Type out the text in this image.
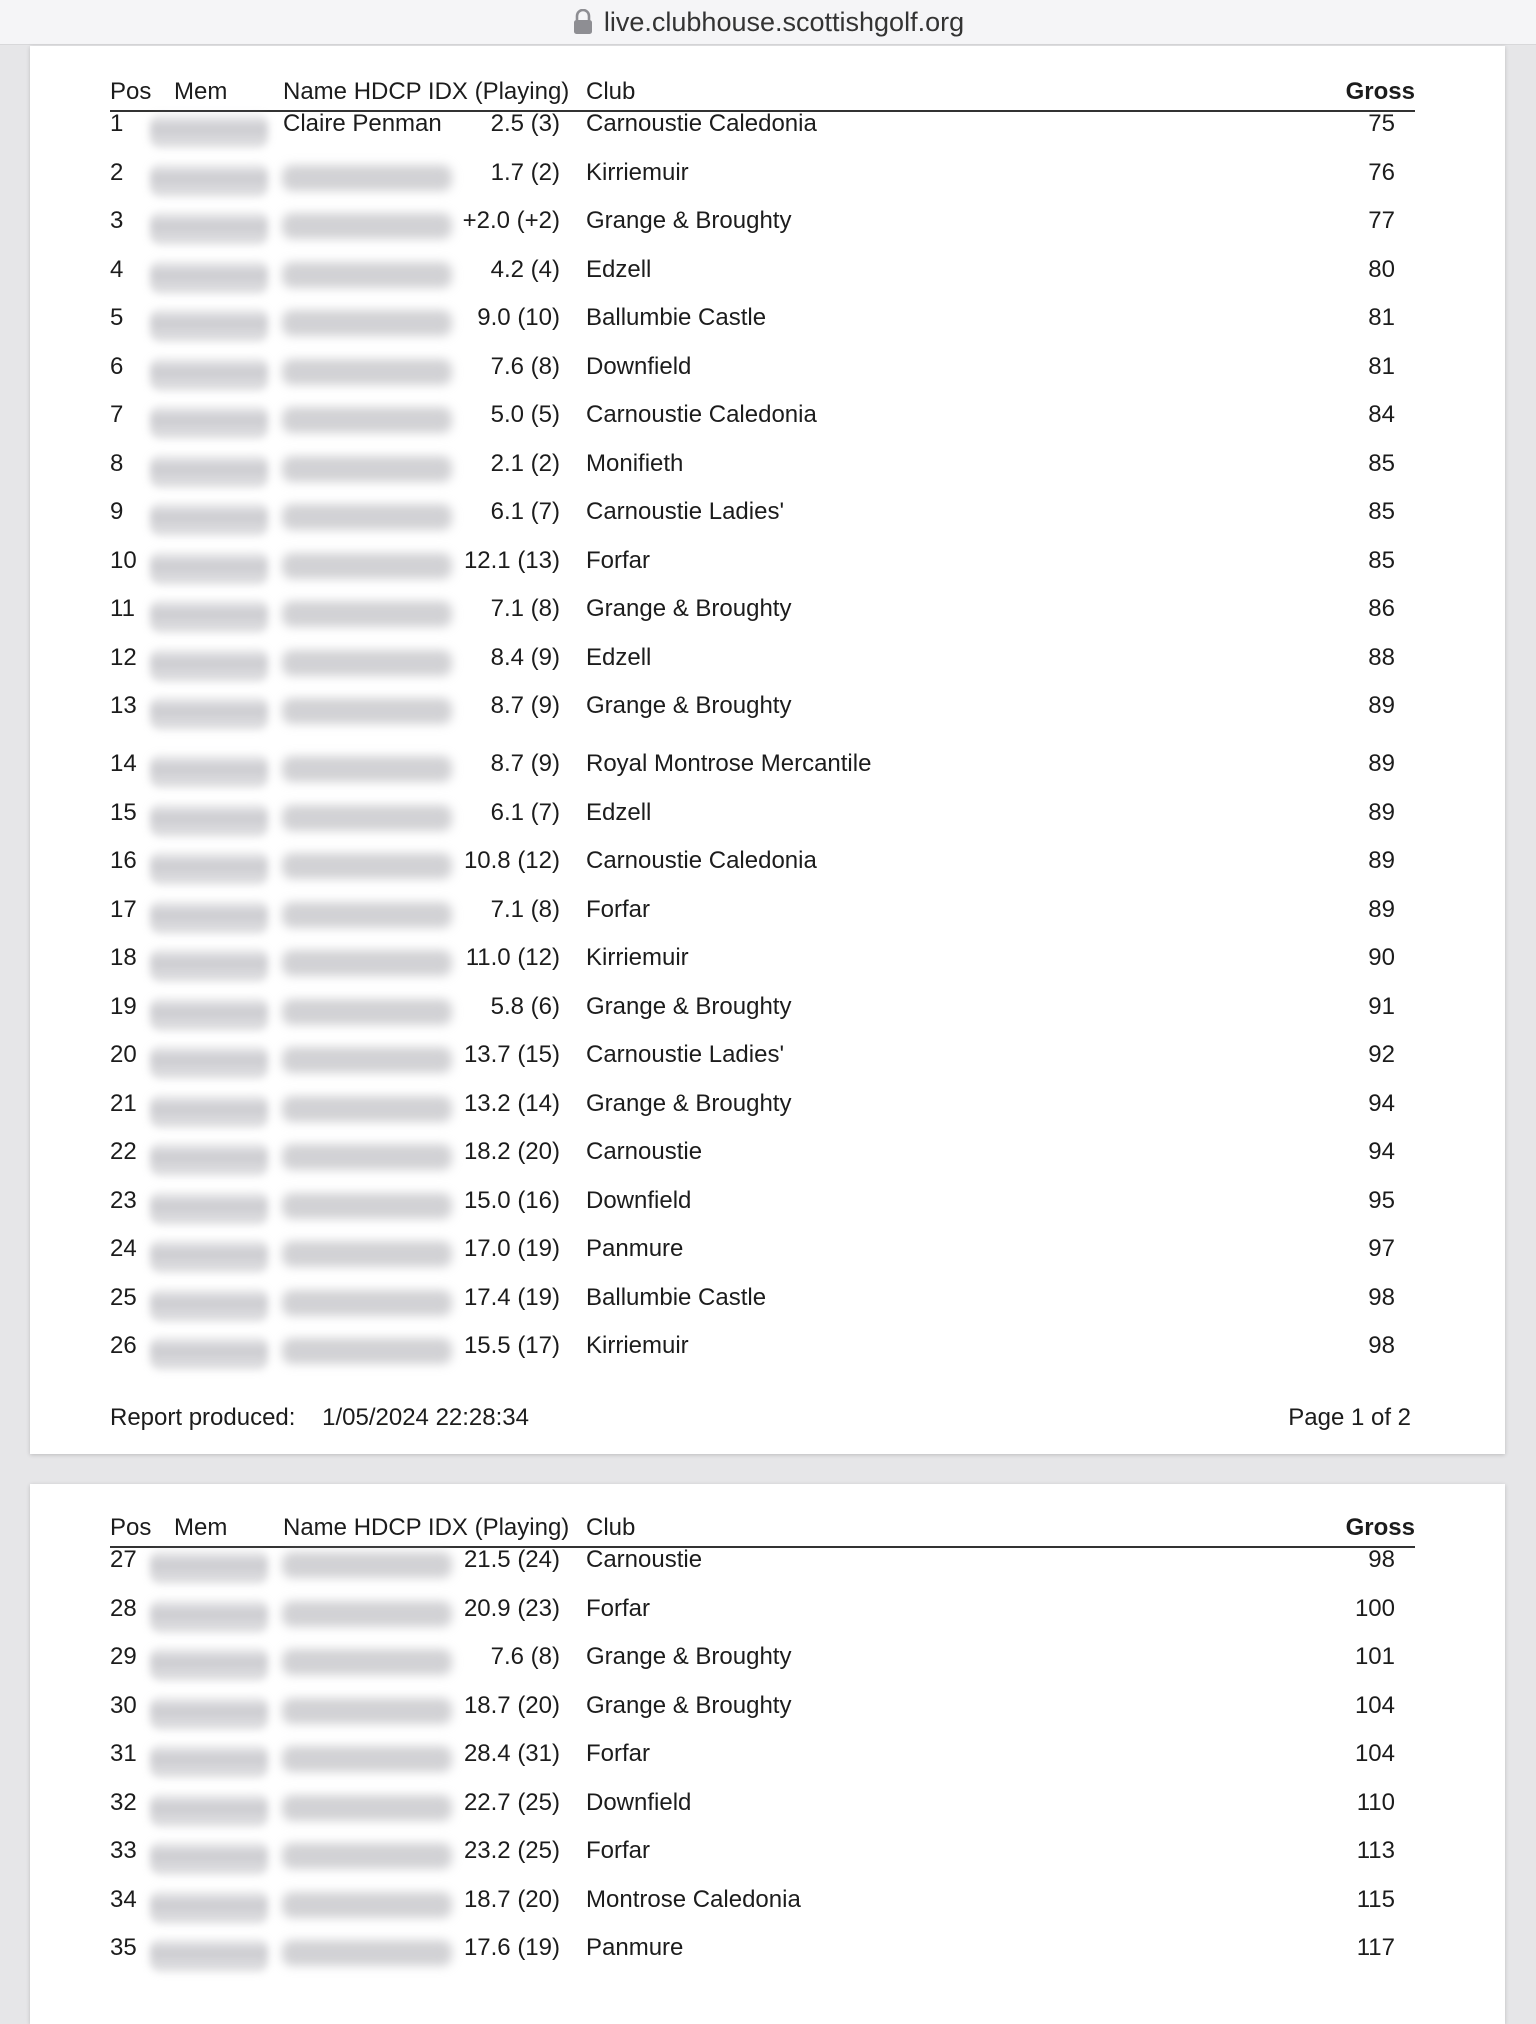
live.clubhouse.scottishgolf.org
Pos Mem Name HDCP IDX (Playing) Club	Gross
1	Claire Penman	2.5 (3) Carnoustie Caledonia	75
2	1.7 (2) Kirriemuir	76
3	+2.0 (+2) Grange & Broughty	77
4	4.2 (4) Edzell	80
5	9.0 (10) Ballumbie Castle	81
6	7.6 (8) Downfield	81
7	5.0 (5) Carnoustie Caledonia	84
8	2.1 (2) Monifieth	85
9	6.1 (7) Carnoustie Ladies'	85
10	12.1 (13) Forfar	85
11	7.1 (8) Grange & Broughty	86
12	8.4 (9) Edzell	88
13	8.7 (9) Grange & Broughty	89
14	8.7 (9) Royal Montrose Mercantile	89
15	6.1 (7) Edzell	89
16	10.8 (12) Carnoustie Caledonia	89
17	7.1 (8) Forfar	89
18	11.0 (12) Kirriemuir	90
19	5.8 (6) Grange & Broughty	91
20	13.7 (15) Carnoustie Ladies'	92
21	13.2 (14) Grange & Broughty	94
22	18.2 (20) Carnoustie	94
23	15.0 (16) Downfield	95
24	17.0 (19) Panmure	97
25	17.4 (19) Ballumbie Castle	98
26	15.5 (17) Kirriemuir	98
Report produced: 1/05/2024 22:28:34	Page 1 of 2
Pos Mem Name HDCP IDX (Playing) Club	Gross
27	21.5 (24) Carnoustie	98
28	20.9 (23) Forfar	100
29	7.6 (8) Grange & Broughty	101
30	18.7 (20) Grange & Broughty	104
31	28.4 (31) Forfar	104
32	22.7 (25) Downfield	110
33	23.2 (25) Forfar	113
34	18.7 (20) Montrose Caledonia	115
35	17.6 (19) Panmure	117
